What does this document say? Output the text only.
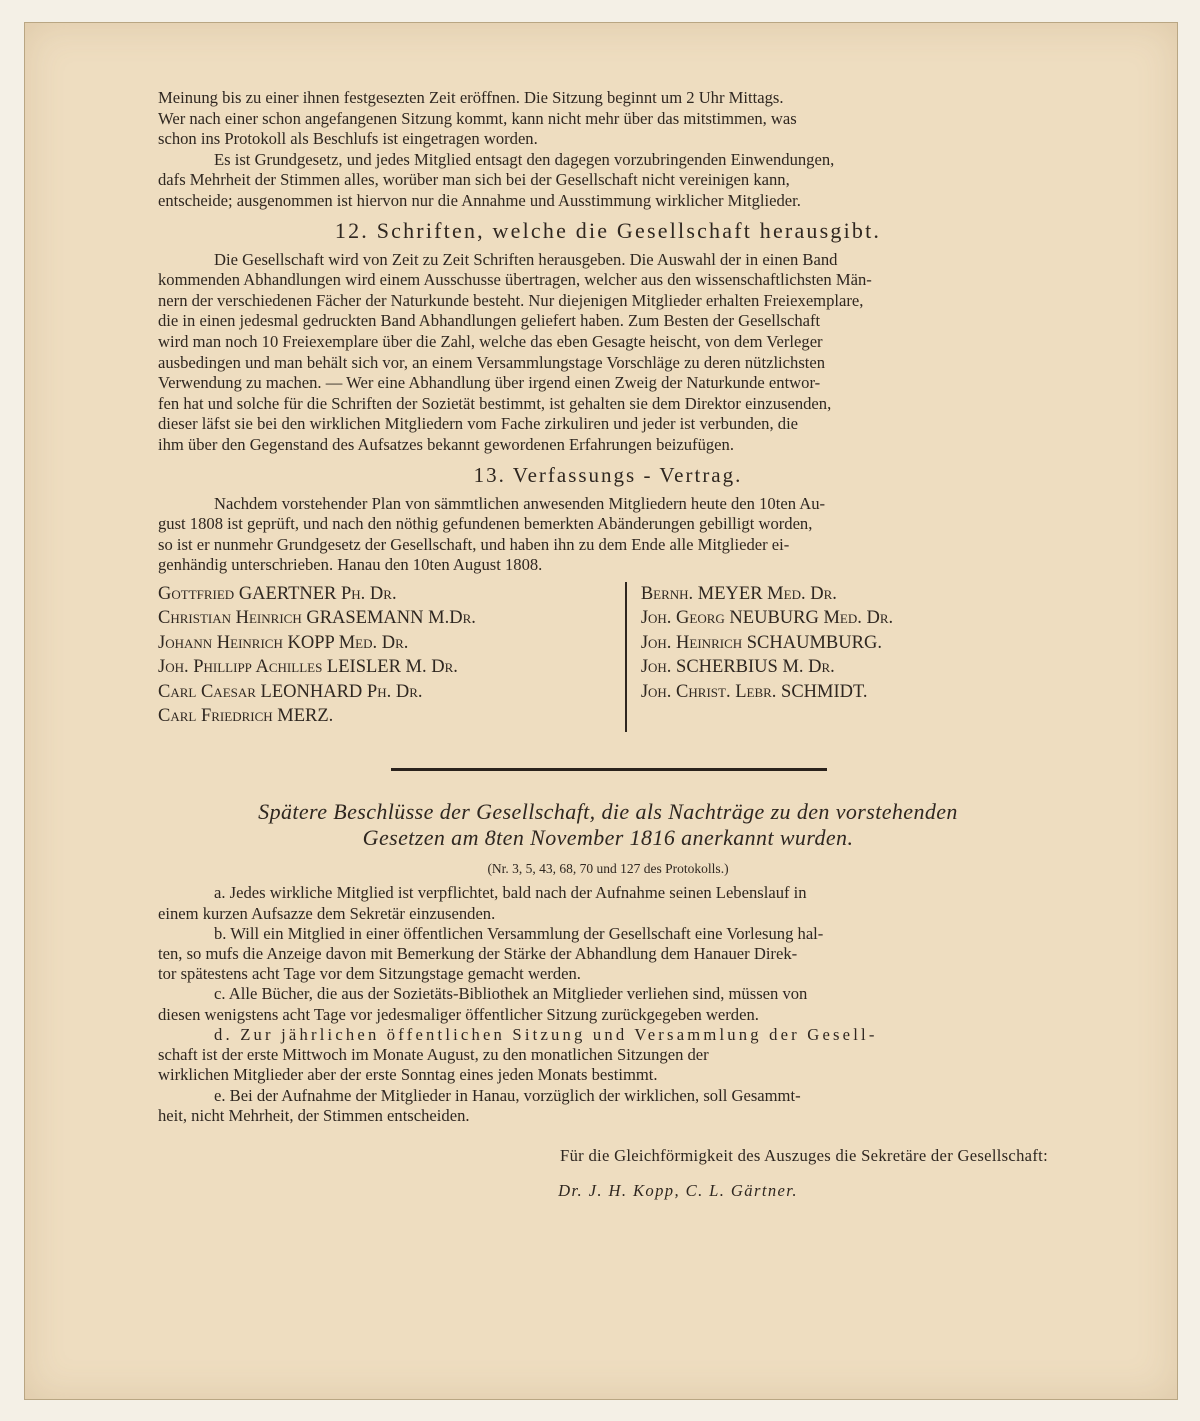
Meinung bis zu einer ihnen festgesezten Zeit eröffnen. Die Sitzung beginnt um 2 Uhr Mittags.

Wer nach einer schon angefangenen Sitzung kommt, kann nicht mehr über das mitstimmen, was

schon ins Protokoll als Beschlufs ist eingetragen worden.

Es ist Grundgesetz, und jedes Mitglied entsagt den dagegen vorzubringenden Einwendungen,

dafs Mehrheit der Stimmen alles, worüber man sich bei der Gesellschaft nicht vereinigen kann,

entscheide; ausgenommen ist hiervon nur die Annahme und Ausstimmung wirklicher Mitglieder.

12. Schriften, welche die Gesellschaft herausgibt.

Die Gesellschaft wird von Zeit zu Zeit Schriften herausgeben. Die Auswahl der in einen Band

kommenden Abhandlungen wird einem Ausschusse übertragen, welcher aus den wissenschaftlichsten Män-

nern der verschiedenen Fächer der Naturkunde besteht. Nur diejenigen Mitglieder erhalten Freiexemplare,

die in einen jedesmal gedruckten Band Abhandlungen geliefert haben. Zum Besten der Gesellschaft

wird man noch 10 Freiexemplare über die Zahl, welche das eben Gesagte heischt, von dem Verleger

ausbedingen und man behält sich vor, an einem Versammlungstage Vorschläge zu deren nützlichsten

Verwendung zu machen. — Wer eine Abhandlung über irgend einen Zweig der Naturkunde entwor-

fen hat und solche für die Schriften der Sozietät bestimmt, ist gehalten sie dem Direktor einzusenden,

dieser läfst sie bei den wirklichen Mitgliedern vom Fache zirkuliren und jeder ist verbunden, die

ihm über den Gegenstand des Aufsatzes bekannt gewordenen Erfahrungen beizufügen.

13. Verfassungs - Vertrag.

Nachdem vorstehender Plan von sämmtlichen anwesenden Mitgliedern heute den 10ten Au-

gust 1808 ist geprüft, und nach den nöthig gefundenen bemerkten Abänderungen gebilligt worden,

so ist er nunmehr Grundgesetz der Gesellschaft, und haben ihn zu dem Ende alle Mitglieder ei-

genhändig unterschrieben. Hanau den 10ten August 1808.

Gottfried GAERTNER Ph. Dr.
Christian Heinrich GRASEMANN M.Dr.
Johann Heinrich KOPP Med. Dr.
Joh. Phillipp Achilles LEISLER M. Dr.
Carl Caesar LEONHARD Ph. Dr.
Carl Friedrich MERZ.
Bernh. MEYER Med. Dr.
Joh. Georg NEUBURG Med. Dr.
Joh. Heinrich SCHAUMBURG.
Joh. SCHERBIUS M. Dr.
Joh. Christ. Lebr. SCHMIDT.
Spätere Beschlüsse der Gesellschaft, die als Nachträge zu den vorstehenden
Gesetzen am 8ten November 1816 anerkannt wurden.
(Nr. 3, 5, 43, 68, 70 und 127 des Protokolls.)

a. Jedes wirkliche Mitglied ist verpflichtet, bald nach der Aufnahme seinen Lebenslauf in

einem kurzen Aufsazze dem Sekretär einzusenden.

b. Will ein Mitglied in einer öffentlichen Versammlung der Gesellschaft eine Vorlesung hal-

ten, so mufs die Anzeige davon mit Bemerkung der Stärke der Abhandlung dem Hanauer Direk-

tor spätestens acht Tage vor dem Sitzungstage gemacht werden.

c. Alle Bücher, die aus der Sozietäts-Bibliothek an Mitglieder verliehen sind, müssen von

diesen wenigstens acht Tage vor jedesmaliger öffentlicher Sitzung zurückgegeben werden.

d. Zur jährlichen öffentlichen Sitzung und Versammlung der Gesell-

schaft ist der erste Mittwoch im Monate August, zu den monatlichen Sitzungen der

wirklichen Mitglieder aber der erste Sonntag eines jeden Monats bestimmt.

e. Bei der Aufnahme der Mitglieder in Hanau, vorzüglich der wirklichen, soll Gesammt-

heit, nicht Mehrheit, der Stimmen entscheiden.

Für die Gleichförmigkeit des Auszuges die Sekretäre der Gesellschaft:
Dr. J. H. Kopp, C. L. Gärtner.
